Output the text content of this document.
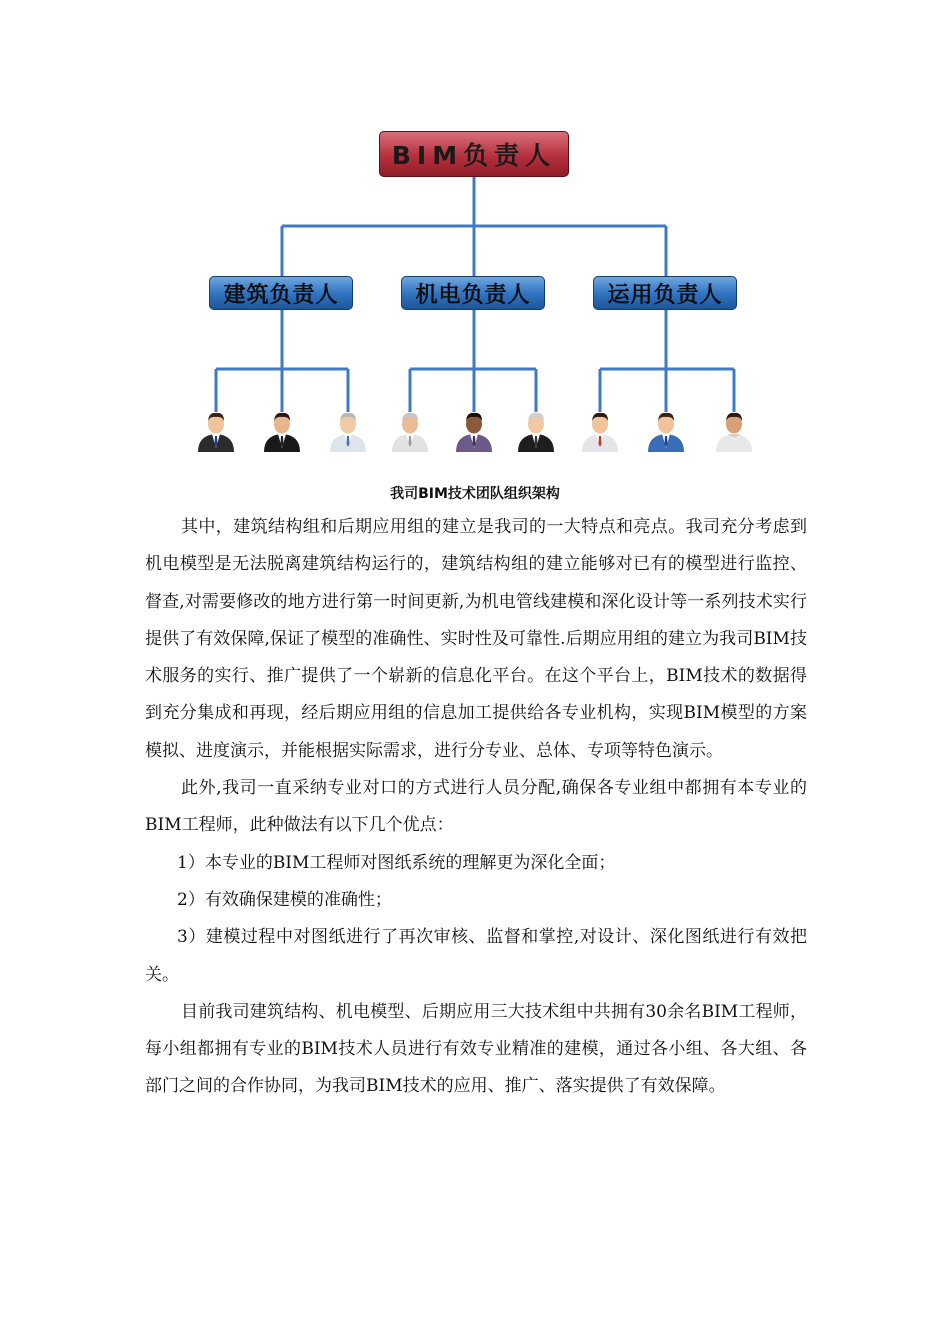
BIM负责人
建筑负责人	机电负责人	运用负责人
我司BIM技术团队组织架构

其中，建筑结构组和后期应用组的建立是我司的一大特点和亮点。我司充分考虑到机电模型是无法脱离建筑结构运行的，建筑结构组的建立能够对已有的模型进行监控、督查,对需要修改的地方进行第一时间更新,为机电管线建模和深化设计等一系列技术实行提供了有效保障,保证了模型的准确性、实时性及可靠性.后期应用组的建立为我司BIM技术服务的实行、推广提供了一个崭新的信息化平台。在这个平台上，BIM技术的数据得到充分集成和再现，经后期应用组的信息加工提供给各专业机构，实现BIM模型的方案模拟、进度演示，并能根据实际需求，进行分专业、总体、专项等特色演示。

此外,我司一直采纳专业对口的方式进行人员分配,确保各专业组中都拥有本专业的BIM工程师，此种做法有以下几个优点：

1）本专业的BIM工程师对图纸系统的理解更为深化全面；

2）有效确保建模的准确性；

3）建模过程中对图纸进行了再次审核、监督和掌控,对设计、深化图纸进行有效把关。

目前我司建筑结构、机电模型、后期应用三大技术组中共拥有30余名BIM工程师，每小组都拥有专业的BIM技术人员进行有效专业精准的建模，通过各小组、各大组、各部门之间的合作协同，为我司BIM技术的应用、推广、落实提供了有效保障。
